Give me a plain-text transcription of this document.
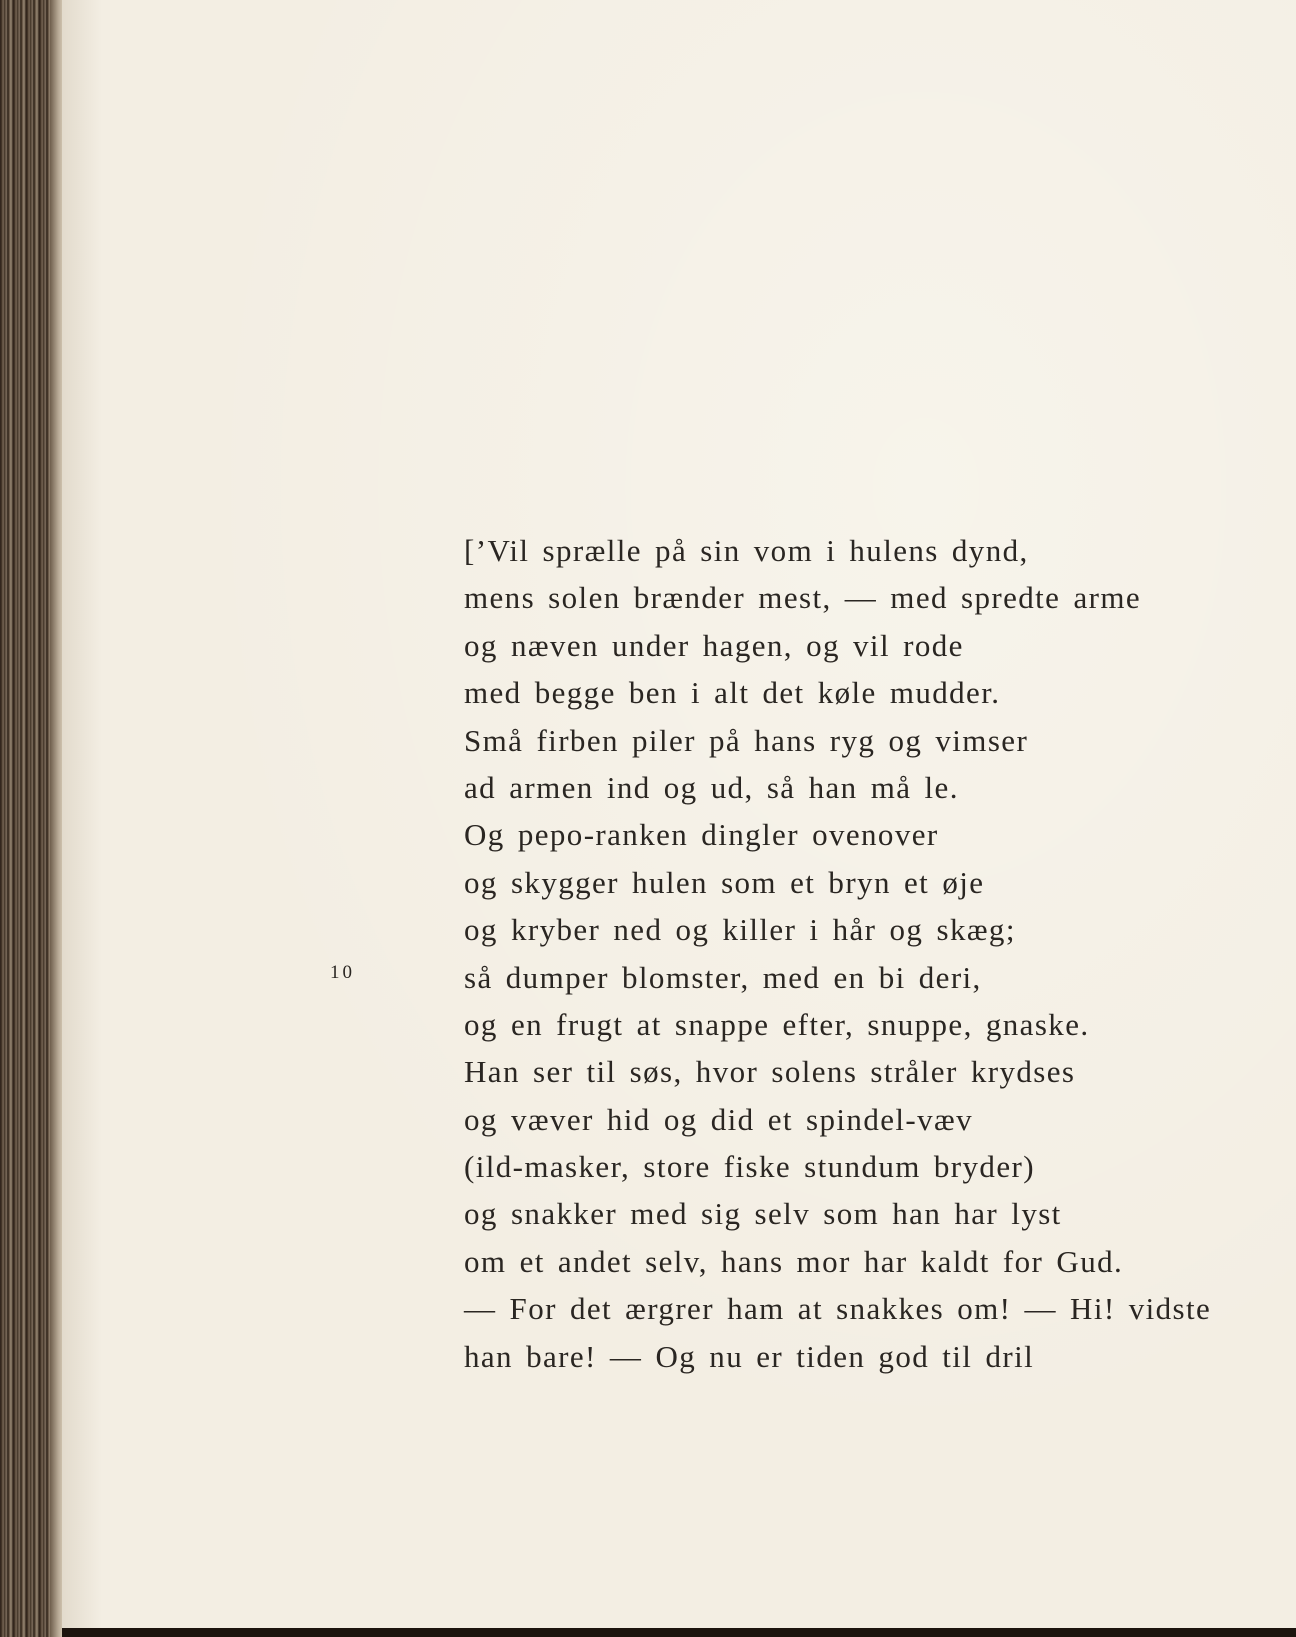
10
[’Vil sprælle på sin vom i hulens dynd,
mens solen brænder mest, — med spredte arme
og næven under hagen, og vil rode
med begge ben i alt det køle mudder.
Små firben piler på hans ryg og vimser
ad armen ind og ud, så han må le.
Og pepo-ranken dingler ovenover
og skygger hulen som et bryn et øje
og kryber ned og killer i hår og skæg;
så dumper blomster, med en bi deri,
og en frugt at snappe efter, snuppe, gnaske.
Han ser til søs, hvor solens stråler krydses
og væver hid og did et spindel-væv
(ild-masker, store fiske stundum bryder)
og snakker med sig selv som han har lyst
om et andet selv, hans mor har kaldt for Gud.
— For det ærgrer ham at snakkes om! — Hi! vidste
han bare! — Og nu er tiden god til dril
